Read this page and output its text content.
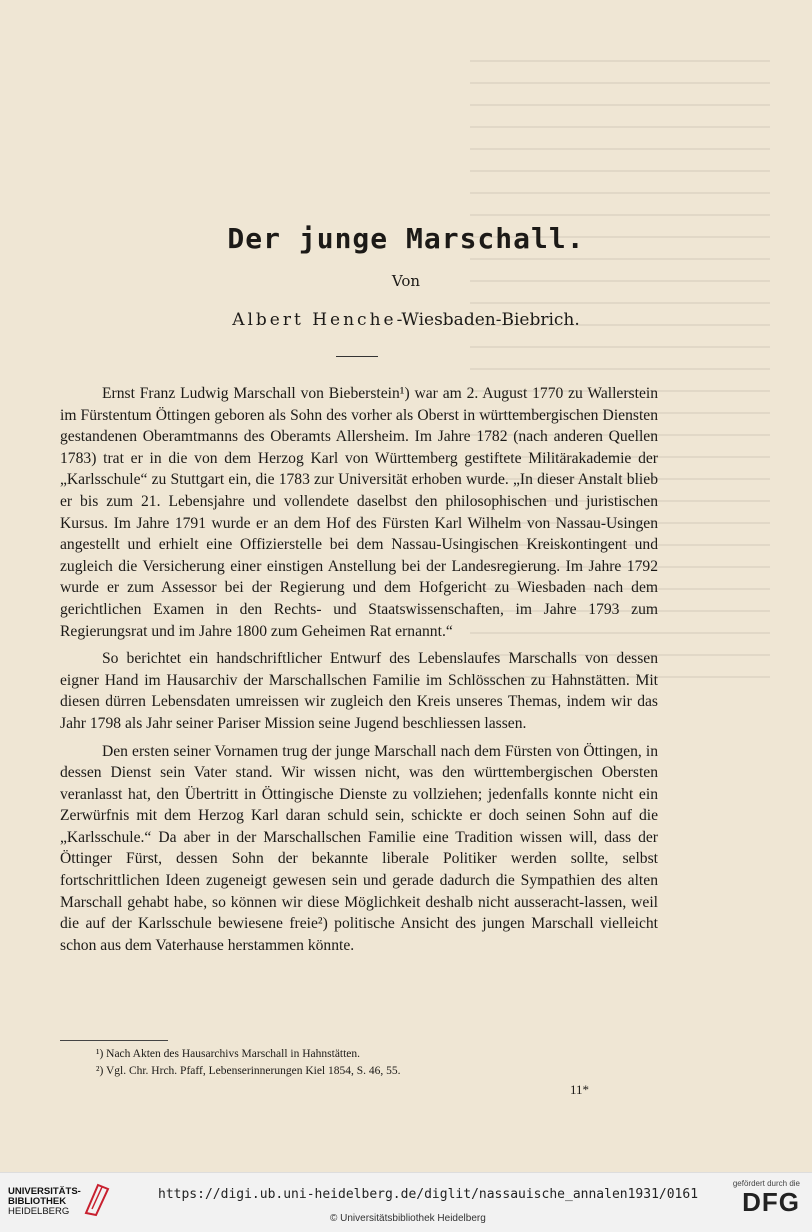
Der junge Marschall.
Von
Albert Henche-Wiesbaden-Biebrich.

Ernst Franz Ludwig Marschall von Bieberstein¹) war am 2. August 1770 zu Wallerstein im Fürstentum Öttingen geboren als Sohn des vorher als Oberst in württembergischen Diensten gestandenen Oberamtmanns des Oberamts Allersheim. Im Jahre 1782 (nach anderen Quellen 1783) trat er in die von dem Herzog Karl von Württemberg gestiftete Militärakademie der „Karlsschule“ zu Stuttgart ein, die 1783 zur Universität erhoben wurde. „In dieser Anstalt blieb er bis zum 21. Lebensjahre und vollendete daselbst den philosophischen und juristischen Kursus. Im Jahre 1791 wurde er an dem Hof des Fürsten Karl Wilhelm von Nassau-Usingen angestellt und erhielt eine Offizierstelle bei dem Nassau-Usingischen Kreiskontingent und zugleich die Versicherung einer einstigen Anstellung bei der Landesregierung. Im Jahre 1792 wurde er zum Assessor bei der Regierung und dem Hofgericht zu Wiesbaden nach dem gerichtlichen Examen in den Rechts- und Staatswissenschaften, im Jahre 1793 zum Regierungsrat und im Jahre 1800 zum Geheimen Rat ernannt.“

So berichtet ein handschriftlicher Entwurf des Lebenslaufes Marschalls von dessen eigner Hand im Hausarchiv der Marschallschen Familie im Schlösschen zu Hahnstätten. Mit diesen dürren Lebensdaten umreissen wir zugleich den Kreis unseres Themas, indem wir das Jahr 1798 als Jahr seiner Pariser Mission seine Jugend beschliessen lassen.

Den ersten seiner Vornamen trug der junge Marschall nach dem Fürsten von Öttingen, in dessen Dienst sein Vater stand. Wir wissen nicht, was den württembergischen Obersten veranlasst hat, den Übertritt in Öttingische Dienste zu vollziehen; jedenfalls konnte nicht ein Zerwürfnis mit dem Herzog Karl daran schuld sein, schickte er doch seinen Sohn auf die „Karlsschule.“ Da aber in der Marschallschen Familie eine Tradition wissen will, dass der Öttinger Fürst, dessen Sohn der bekannte liberale Politiker werden sollte, selbst fortschrittlichen Ideen zugeneigt gewesen sein und gerade dadurch die Sympathien des alten Marschall gehabt habe, so können wir diese Möglichkeit deshalb nicht ausseracht-lassen, weil die auf der Karlsschule bewiesene freie²) politische Ansicht des jungen Marschall vielleicht schon aus dem Vaterhause herstammen könnte.

¹) Nach Akten des Hausarchivs Marschall in Hahnstätten.
²) Vgl. Chr. Hrch. Pfaff, Lebenserinnerungen Kiel 1854, S. 46, 55.
11*
UNIVERSITÄTS-
BIBLIOTHEK
HEIDELBERG
https://digi.ub.uni-heidelberg.de/diglit/nassauische_annalen1931/0161
© Universitätsbibliothek Heidelberg
gefördert durch die
DFG
